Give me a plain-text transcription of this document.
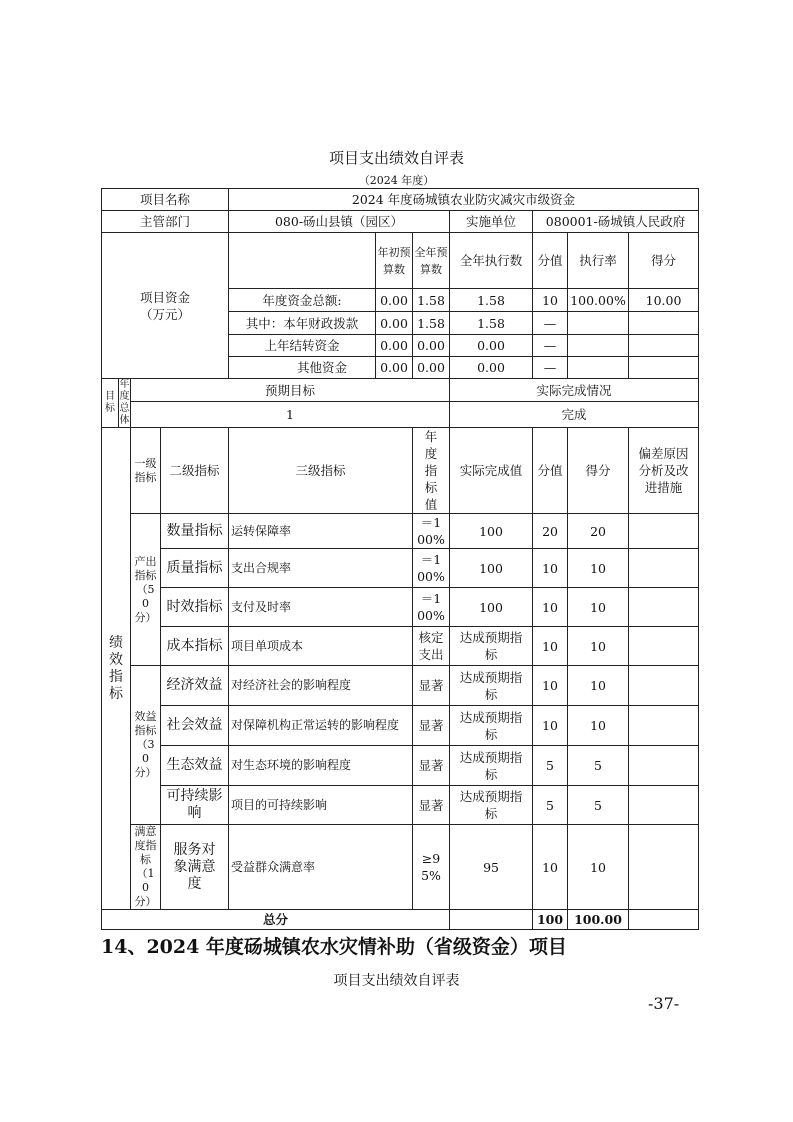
项目支出绩效自评表
（2024 年度）
项目名称				2024 年度砀城镇农业防灾减灾市级资金						
主管部门				080-砀山县镇（园区）			实施单位	080001-砀城镇人民政府		
项目资金（万元）					年初预算数	全年预算数	全年执行数	分值	执行率	得分
				年度资金总额:	0.00	1.58	1.58	10	100.00%	10.00
				其中：本年财政拨款	0.00	1.58	1.58	—		
				上年结转资金	0.00	0.00	0.00	—		
				其他资金	0.00	0.00	0.00	—		
目标	年度总体	预期目标					实际完成情况			
		1					完成			
绩效指标		一级指标	二级指标	三级指标		年度指标值	实际完成值	分值	得分	偏差原因分析及改进措施
		产出指标（50分）	数量指标	运转保障率		＝100%	100	20	20	
			质量指标	支出合规率		＝100%	100	10	10	
			时效指标	支付及时率		＝100%	100	10	10	
			成本指标	项目单项成本		核定支出	达成预期指标	10	10	
		效益指标（30分）	经济效益	对经济社会的影响程度		显著	达成预期指标	10	10	
			社会效益	对保障机构正常运转的影响程度		显著	达成预期指标	10	10	
			生态效益	对生态环境的影响程度		显著	达成预期指标	5	5	
			可持续影响	项目的可持续影响		显著	达成预期指标	5	5	
		满意度指标（10分）	服务对象满意度	受益群众满意率		≥95%	95	10	10	
总分								100	100.00	
14、2024 年度砀城镇农水灾情补助（省级资金）项目
项目支出绩效自评表
-37-
